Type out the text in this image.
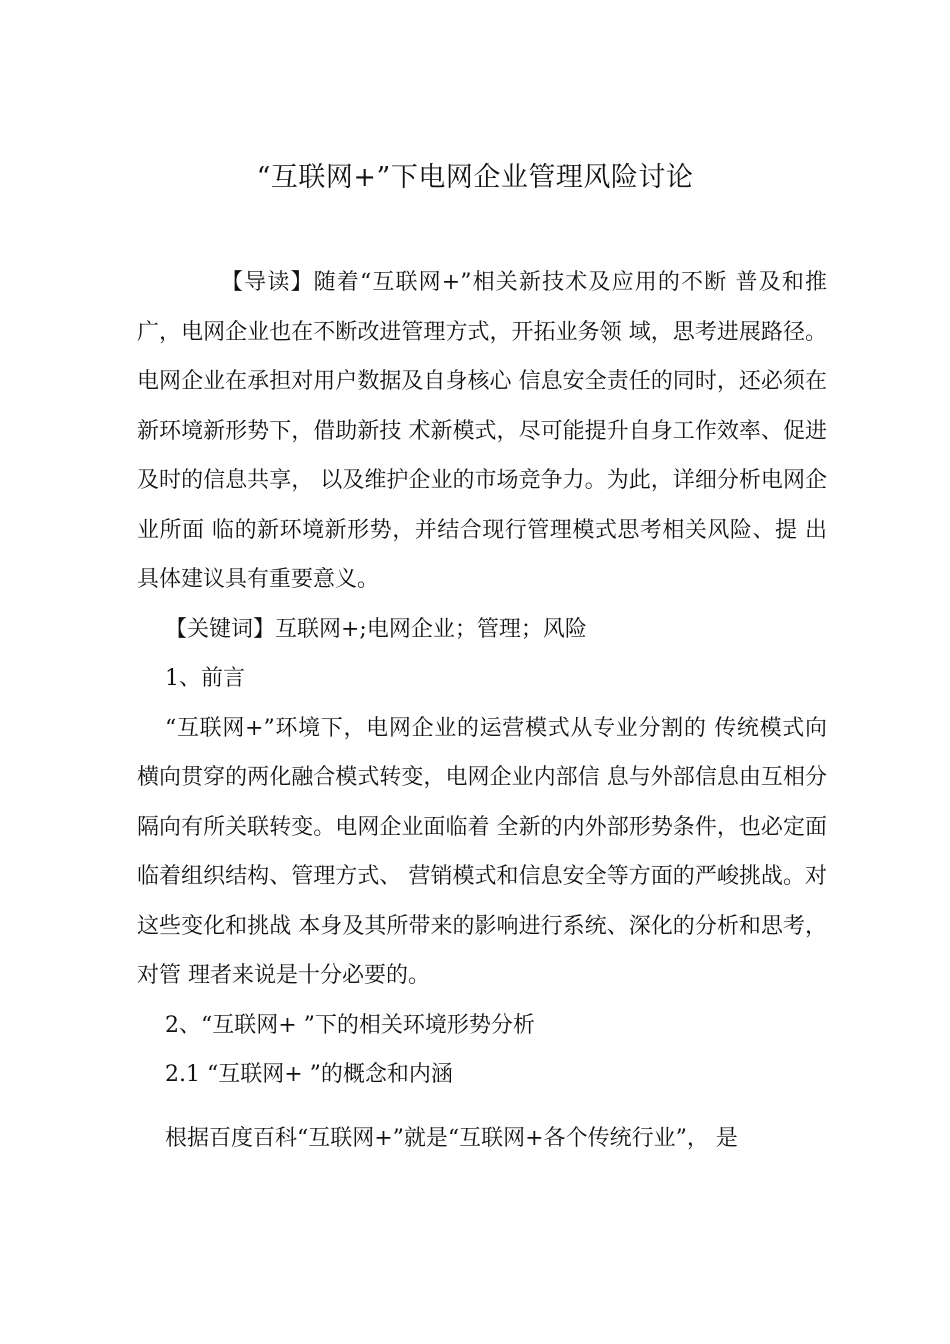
“互联网+”下电网企业管理风险讨论

【导读】随着“互联网+”相关新技术及应用的不断 普及和推广，电网企业也在不断改进管理方式，开拓业务领 域，思考进展路径。电网企业在承担对用户数据及自身核心 信息安全责任的同时，还必须在新环境新形势下，借助新技 术新模式，尽可能提升自身工作效率、促进及时的信息共享， 以及维护企业的市场竞争力。为此，详细分析电网企业所面 临的新环境新形势，并结合现行管理模式思考相关风险、提 出具体建议具有重要意义。

【关键词】互联网+;电网企业；管理；风险

1、前言

“互联网+”环境下，电网企业的运营模式从专业分割的 传统模式向横向贯穿的两化融合模式转变，电网企业内部信 息与外部信息由互相分隔向有所关联转变。电网企业面临着 全新的内外部形势条件，也必定面临着组织结构、管理方式、 营销模式和信息安全等方面的严峻挑战。对这些变化和挑战 本身及其所带来的影响进行系统、深化的分析和思考，对管 理者来说是十分必要的。

2、“互联网+ ”下的相关环境形势分析

2.1 “互联网+ ”的概念和内涵

根据百度百科“互联网+”就是“互联网+各个传统行业”， 是
